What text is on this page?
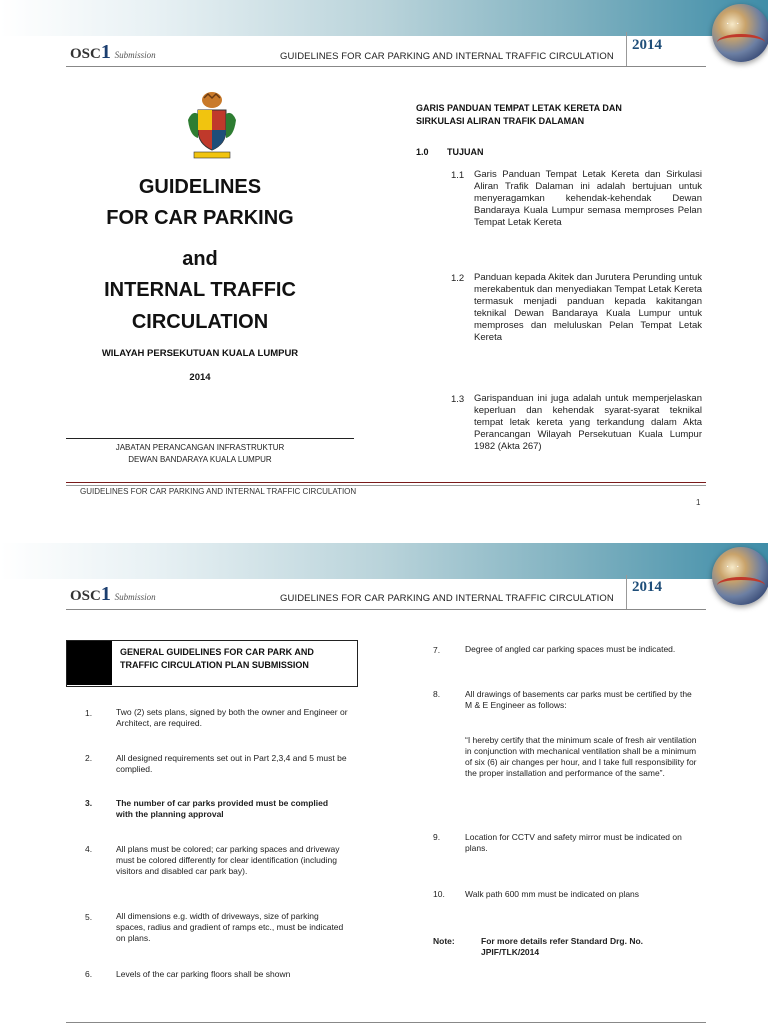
· ·
OSC1 Submission	GUIDELINES FOR CAR PARKING AND INTERNAL TRAFFIC CIRCULATION
2014
GUIDELINES
FOR CAR PARKING
and
INTERNAL TRAFFIC
CIRCULATION
WILAYAH PERSEKUTUAN KUALA LUMPUR
2014
JABATAN PERANCANGAN INFRASTRUKTUR
DEWAN BANDARAYA KUALA LUMPUR
GARIS PANDUAN TEMPAT LETAK KERETA DAN
SIRKULASI ALIRAN TRAFIK DALAMAN
1.0 TUJUAN
1.1 Garis Panduan Tempat Letak Kereta dan Sirkulasi Aliran Trafik Dalaman ini adalah bertujuan untuk menyeragamkan kehendak-kehendak Dewan Bandaraya Kuala Lumpur semasa memproses Pelan Tempat Letak Kereta
1.2 Panduan kepada Akitek dan Jurutera Perunding untuk merekabentuk dan menyediakan Tempat Letak Kereta termasuk menjadi panduan kepada kakitangan teknikal Dewan Bandaraya Kuala Lumpur untuk memproses dan meluluskan Pelan Tempat Letak Kereta
1.3 Garispanduan ini juga adalah untuk memperjelaskan keperluan dan kehendak syarat-syarat teknikal tempat letak kereta yang terkandung dalam Akta Perancangan Wilayah Persekutuan Kuala Lumpur 1982 (Akta 267)
GUIDELINES FOR CAR PARKING AND INTERNAL TRAFFIC CIRCULATION
1
· ·
OSC1 Submission	GUIDELINES FOR CAR PARKING AND INTERNAL TRAFFIC CIRCULATION
2014
GENERAL GUIDELINES FOR CAR PARK AND
TRAFFIC CIRCULATION PLAN SUBMISSION
1.	Two (2) sets plans, signed by both the owner and Engineer or Architect, are required.
2.	All designed requirements set out in Part 2,3,4 and 5 must be complied.
3.	The number of car parks provided must be complied with the planning approval
4.	All plans must be colored; car parking spaces and driveway must be colored differently for clear identification (including visitors and disabled car park bay).
5.	All dimensions e.g. width of driveways, size of parking spaces, radius and gradient of ramps etc., must be indicated on plans.
6.	Levels of the car parking floors shall be shown
7.	Degree of angled car parking spaces must be indicated.
8.	All drawings of basements car parks must be certified by the M & E Engineer as follows:
“I hereby certify that the minimum scale of fresh air ventilation in conjunction with mechanical ventilation shall be a minimum of six (6) air changes per hour, and I take full responsibility for the proper installation and performance of the same”.
9.	Location for CCTV and safety mirror must be indicated on plans.
10. Walk path 600 mm must be indicated on plans
Note:	For more details refer Standard Drg. No. JPIF/TLK/2014
